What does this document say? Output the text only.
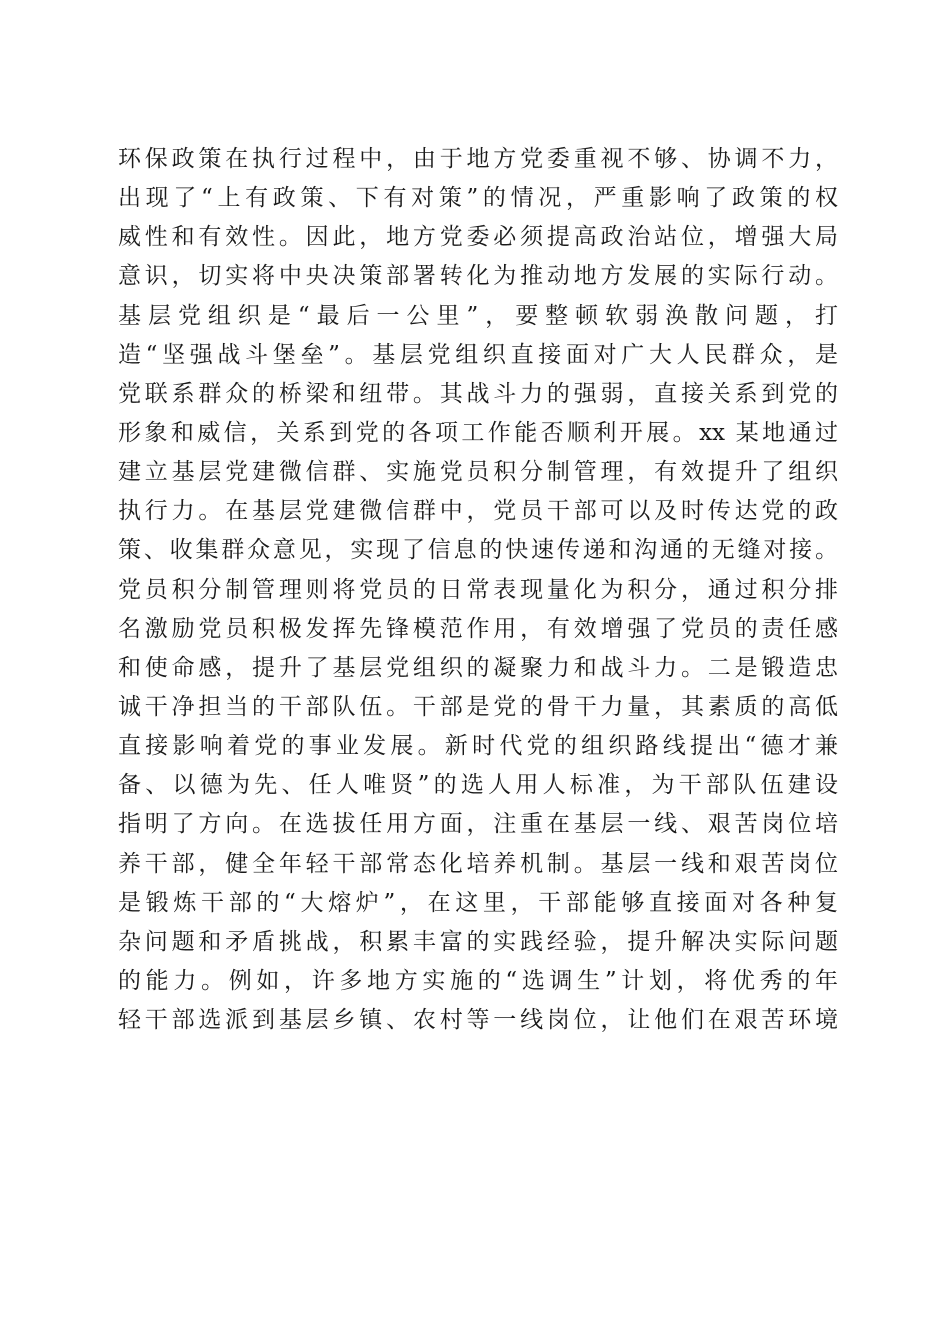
环保政策在执行过程中，由于地方党委重视不够、协调不力，
出现了“上有政策、下有对策”的情况，严重影响了政策的权
威性和有效性。因此，地方党委必须提高政治站位，增强大局
意识，切实将中央决策部署转化为推动地方发展的实际行动。
基层党组织是“最后一公里”，要整顿软弱涣散问题，打
造“坚强战斗堡垒”。基层党组织直接面对广大人民群众，是
党联系群众的桥梁和纽带。其战斗力的强弱，直接关系到党的
形象和威信，关系到党的各项工作能否顺利开展。xx 某地通过
建立基层党建微信群、实施党员积分制管理，有效提升了组织
执行力。在基层党建微信群中，党员干部可以及时传达党的政
策、收集群众意见，实现了信息的快速传递和沟通的无缝对接。
党员积分制管理则将党员的日常表现量化为积分，通过积分排
名激励党员积极发挥先锋模范作用，有效增强了党员的责任感
和使命感，提升了基层党组织的凝聚力和战斗力。二是锻造忠
诚干净担当的干部队伍。干部是党的骨干力量，其素质的高低
直接影响着党的事业发展。新时代党的组织路线提出“德才兼
备、以德为先、任人唯贤”的选人用人标准，为干部队伍建设
指明了方向。在选拔任用方面，注重在基层一线、艰苦岗位培
养干部，健全年轻干部常态化培养机制。基层一线和艰苦岗位
是锻炼干部的“大熔炉”，在这里，干部能够直接面对各种复
杂问题和矛盾挑战，积累丰富的实践经验，提升解决实际问题
的能力。例如，许多地方实施的“选调生”计划，将优秀的年
轻干部选派到基层乡镇、农村等一线岗位，让他们在艰苦环境
